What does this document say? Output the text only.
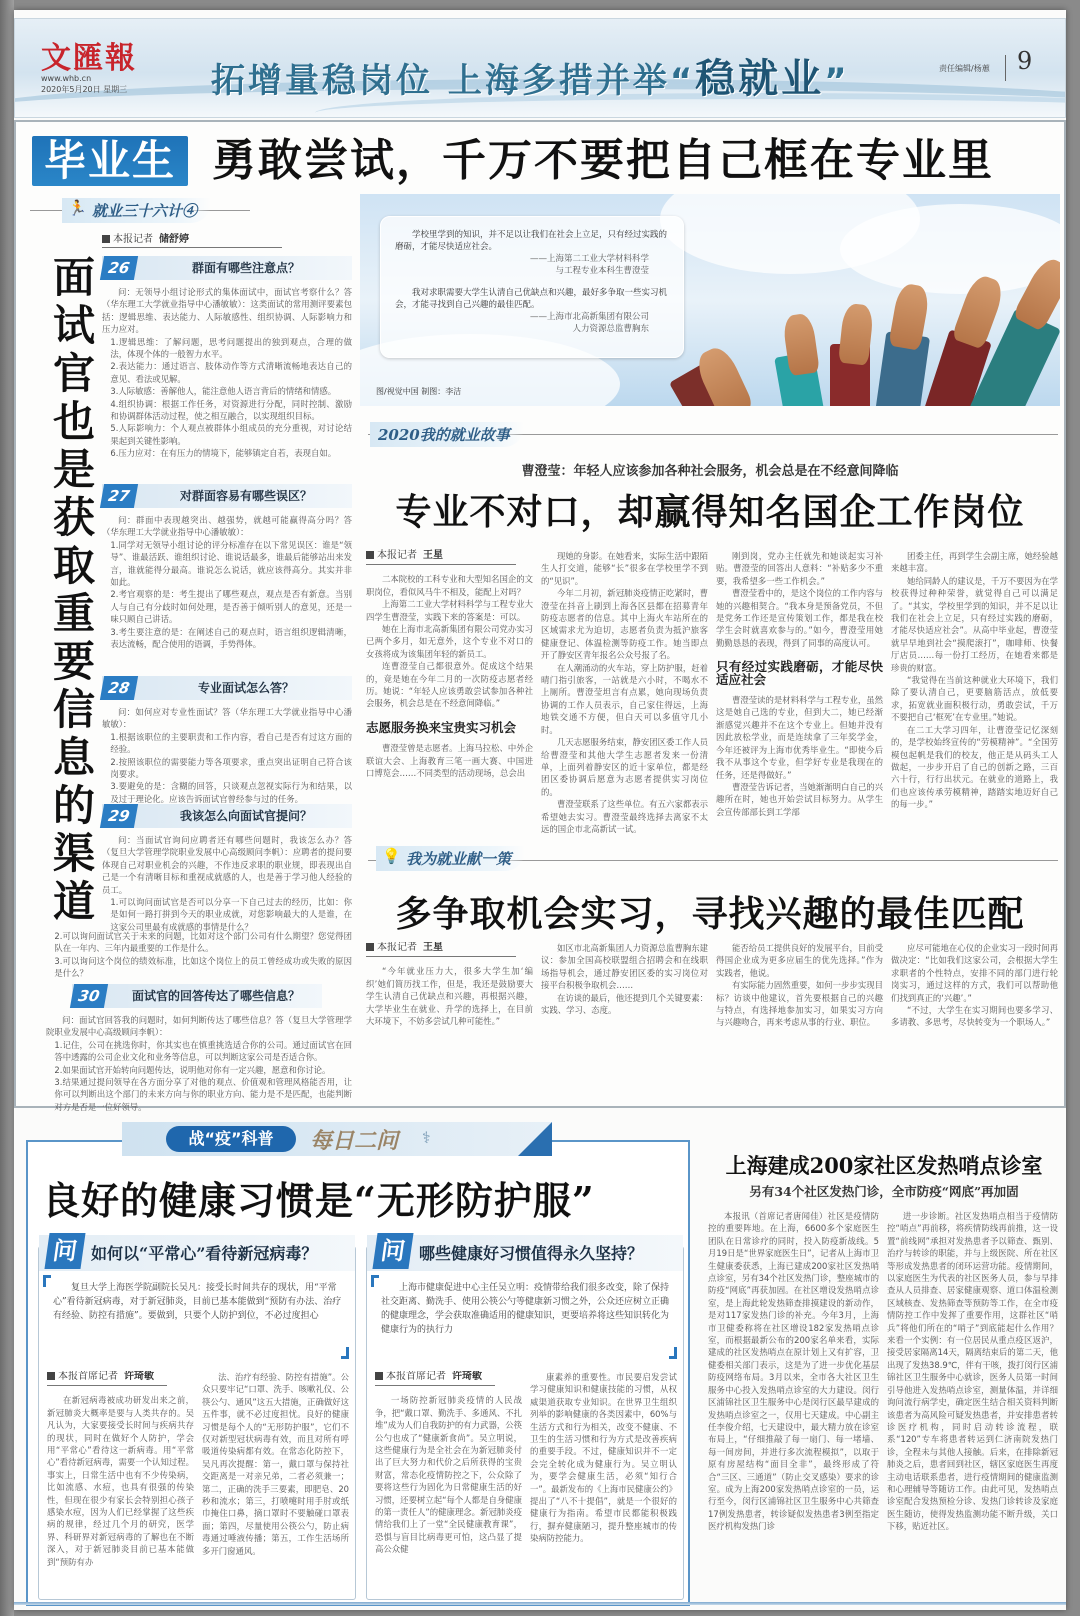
文匯報
www.whb.cn
2020年5月20日 星期三 拓增量稳岗位 上海多措并举“稳就业”	责任编辑/杨蕙 9
毕业生 勇敢尝试，千万不要把自己框在专业里
🏃 就业三十六计④
本报记者 储舒婷
面试官也是获取重要信息的渠道
26	群面有哪些注意点？

问：无领导小组讨论形式的集体面试中，面试官考察什么？答（华东理工大学就业指导中心潘敏敏）：这类面试的常用测评要素包括：逻辑思维、表达能力、人际敏感性、组织协调、人际影响力和压力应对。

1.逻辑思维：了解问题，思考问题提出的独到观点，合理的做法，体现个体的一般智力水平。

2.表达能力：通过语言、肢体动作等方式清晰流畅地表达自己的意见、看法或见解。

3.人际敏感：善解他人，能注意他人语言背后的情绪和情感。

4.组织协调：根据工作任务，对资源进行分配，同时控制、激励和协调群体活动过程，使之相互融合，以实现组织目标。

5.人际影响力：个人观点被群体小组成员的充分重视，对讨论结果起到关键性影响。

6.压力应对：在有压力的情境下，能够镇定自若，表现自如。

27	对群面容易有哪些误区？

问：群面中表现越突出、越强势，就越可能赢得高分吗？答（华东理工大学就业指导中心潘敏敏）：

1.同学对无领导小组讨论的评分标准存在以下常见误区：谁是“领导”、谁最活跃、谁组织讨论、谁说话最多，谁最后能够站出来发言，谁就能得分最高。谁说怎么说话，就应该得高分。其实并非如此。

2.考官观察的是：考生提出了哪些观点，观点是否有新意。当别人与自己有分歧时如何处理，是否善于倾听别人的意见，还是一味只顾自己讲话。

3.考生要注意的是：在阐述自己的观点时，语言组织逻辑清晰，表达流畅，配合使用的语调，手势得体。

28	专业面试怎么答？

问：如何应对专业性面试？答（华东理工大学就业指导中心潘敏敏）：

1.根据该职位的主要职责和工作内容，看自己是否有过这方面的经验。

2.按照该职位的需要能力等各项要求，重点突出证明自己符合该岗要求。

3.要避免的是：含糊的回答，只谈观点忽视实际行为和结果，以及过于理论化。应该告诉面试官曾经参与过的任务。

29	我该怎么向面试官提问？

问：当面试官询问应聘者还有哪些问题时，我该怎么办？答（复旦大学管理学院职业发展中心高级顾问李帆）：应聘者的提问要体现自己对职业机会的兴趣，不作违反求职的职业规，即表现出自己是一个有清晰目标和重视成就感的人，也是善于学习他人经验的员工。

1.可以询问面试官是否可以分享一下自己过去的经历，比如：你是如何一路打拼到今天的职业成就，对您影响最大的人是谁，在这家公司里最有成就感的事情是什么？

2.可以询问面试官关于未来的问题，比如对这个部门公司有什么期望？您觉得团队在一年内、三年内最重要的工作是什么。

3.可以询问这个岗位的绩效标准，比如这个岗位上的员工曾经成功或失败的原因是什么？

30	面试官的回答传达了哪些信息？

问：面试官回答我的问题时，如何判断传达了哪些信息？答（复旦大学管理学院职业发展中心高级顾问李帆）：

1.记住，公司在挑选你时，你其实也在慎重挑选适合你的公司。通过面试官在回答中透露的公司企业文化和业务等信息，可以判断这家公司是否适合你。

2.如果面试官开始转向问题传达，说明他对你有一定兴趣，愿意和你讨论。

3.结果通过提问领导在各方面分享了对他的观点、价值观和管理风格能否用，让你可以判断出这个部门的未来方向与你的职业方向、能力是不是匹配，也能判断对方是否是一位好领导。

学校里学到的知识，并不足以让我们在社会上立足，只有经过实践的磨砺，才能尽快适应社会。

——上海第二工业大学材料科学

与工程专业本科生曹澄莹

我对求职需要大学生认清自己优缺点和兴趣，最好多争取一些实习机会，才能寻找到自己兴趣的最佳匹配。

——上海市北高新集团有限公司

人力资源总监曹胸东

图/视觉中国 制图：李洁
2020我的就业故事
曹澄莹：年轻人应该参加各种社会服务，机会总是在不经意间降临
专业不对口，却赢得知名国企工作岗位
本报记者 王星

二本院校的工科专业和大型知名国企的文职岗位，看似风马牛不相及，能配上对吗？

上海第二工业大学材料科学与工程专业大四学生曹澄莹，实践下来的答案是：可以。

她在上海市北高新集团有限公司党办实习已两个多月，如无意外，这个专业不对口的女孩将成为该集团年轻的新员工。

连曹澄莹自己都很意外。促成这个结果的，竟是她在今年二月的一次防疫志愿者经历。她说：“年轻人应该勇敢尝试参加各种社会服务，机会总是在不经意间降临。”

志愿服务换来宝贵实习机会

曹澄莹曾是志愿者。上海马拉松、中外企联谊大会、上海教育三笔一画大赛、中国进口博览会……不同类型的活动现场，总会出

现她的身影。在她看来，实际生活中跟陌生人打交道，能够“长”很多在学校里学不到的“见识”。

今年二月初，新冠肺炎疫情正吃紧时，曹澄莹在抖音上刷到上海各区县都在招募青年防疫志愿者的信息。其中上海火车站所在的区域需求尤为迫切，志愿者负责为抵沪旅客健康登记、体温检测等防疫工作。她当即点开了静安区青年报名公众号报了名。

在人潮涌动的火车站，穿上防护服，赶着晴门指引旅客，一站就是六小时，不喝水不上厕所。曹澄莹坦言有点累，她向现场负责协调的工作人员表示，自己家住得远，上海地铁交通不方便，但白天可以多值守几小时。

几天志愿服务结束，静安团区委工作人员给曹澄莹和其他大学生志愿者发来一份清单，上面列着静安区的近十家单位，都是经团区委协调后愿意为志愿者提供实习岗位的。

曹澄莹联系了这些单位。有五六家都表示希望她去实习。曹澄莹最终选择去离家不太远的国企市北高新试一试。

刚到岗，党办主任就先和她谈起实习补贴。曹澄莹的回答出人意料：“补贴多少不重要，我希望多一些工作机会。”

曹澄莹看中的，是这个岗位的工作内容与她的兴趣相契合。“我本身是预备党员，不但是党务工作还是宣传策划工作，都是我在校学生会时就喜欢参与的。”如今，曹澄莹用她勤勤恳恳的表现，得到了同事的高度认可。

只有经过实践磨砺，才能尽快适应社会

曹澄莹读的是材料科学与工程专业，虽然这是她自己选的专业，但到大二，她已经渐渐感觉兴趣并不在这个专业上。但她并没有因此放松学业，而是连续拿了三年奖学金，今年还被评为上海市优秀毕业生。“即使今后我不从事这个专业，但学好专业是我现在的任务，还是得做好。”

曹澄莹告诉记者，当她渐渐明白自己的兴趣所在时，她也开始尝试目标努力。从学生会宣传部部长到工学部

团委主任，再到学生会副主席，她经验越来越丰富。

她给同龄人的建议是，千万不要因为在学校获得过种种荣誉，就觉得自己可以满足了。“其实，学校里学到的知识，并不足以让我们在社会上立足，只有经过实践的磨砺，才能尽快适应社会”。从高中毕业起，曹澄莹就早早地到社会“摸爬滚打”，咖啡师、快餐厅店员……每一份打工经历，在她看来都是珍贵的财富。

“我觉得在当前这种就业大环境下，我们除了要认清自己，更要脑筋活点，放低要求，拓宽就业面积极行动，勇敢尝试，千万不要把自己‘框死’在专业里。”她说。

在二工大学习四年，让曹澄莹记忆深刻的，是学校始终宣传的“劳模精神”。“全国劳模包起帆是我们的校友，他正是从码头工人做起，一步步开启了自己的创新之路，三百六十行，行行出状元。在就业的道路上，我们也应该传承劳模精神，踏踏实地迈好自己的每一步。”

💡 我为就业献一策
多争取机会实习，寻找兴趣的最佳匹配
本报记者 王星

“今年就业压力大，很多大学生加‘编织’她们简历找工作，但是，我还是鼓励要大学生认清自己优缺点和兴趣，再根据兴趣，大学毕业生在就业、升学的选择上，在目前大环境下，不妨多尝试几种可能性。”

如区市北高新集团人力资源总监曹胸东建议：参加全国高校联盟组合招聘会和在线职场指导机会，通过静安团区委的实习岗位对接平台积极争取机会……

在访谈的最后，他还提到几个关键要素：实践、学习、态度。

能否给员工提供良好的发展平台，目前受得国企业成为更多应届生的优先选择。”作为实践者，他说。

有实际能力固然重要，如何一步步实现目标？访谈中他建议，首先要根据自己的兴趣与特点，有选择地参加实习，如果实习方向与兴趣吻合，再来考虑从事的行业、职位。

应尽可能地在心仪的企业实习一段时间再做决定：“比如我们这家公司，会根据大学生求职者的个性特点，安排不同的部门进行轮岗实习，通过这样的方式，我们可以帮助他们找到真正的‘兴趣’。”

“不过，大学生在实习期间也要多学习、多请教、多思考，尽快转变为一个职场人。”

战“疫”科普	每日二问 ⚕
良好的健康习惯是“无形防护服”
问 如何以“平常心”看待新冠病毒？
复旦大学上海医学院副院长吴凡：接受长时间共存的现状，用“平常心”看待新冠病毒，对于新冠肺炎，目前已基本能做到“预防有办法、治疗有经验、防控有措施”。要做到，只要个人防护到位，不必过度担心
本报首席记者 许琦敏

在新冠病毒被成功研发出来之前，新冠肺炎大概率是要与人类共存的。吴凡认为，大家要接受长时间与疾病共存的现状，同时在做好个人防护，学会用“平常心”看待这一新病毒。用“平常心”看待新冠病毒，需要一个认知过程。事实上，日常生活中也有不少传染病，比如流感、水痘，也具有很强的传染性，但现在很少有家长会特别担心孩子感染水痘，因为人们已经掌握了这些疾病的规律，经过几个月的研究，医学界、科研界对新冠病毒的了解也在不断深入，对于新冠肺炎目前已基本能做到“预防有办

法、治疗有经验、防控有措施”。公众只要牢记“口罩、洗手、咳嗽礼仪、公筷公勺、通风”这五大措施，正确做好这五件事，就不必过度担忧。良好的健康习惯是每个人的“无形防护服”，它们不仅对新型冠状病毒有效，而且对所有呼吸道传染病都有效。在常态化防控下，吴凡再次提醒：第一，戴口罩与保持社交距离是一对亲兄弟，二者必须兼一；第二，正确的洗手三要素，即肥皂、20秒和流水；第三，打喷嚏时用手肘或纸巾掩住口鼻，摘口罩时不要触碰口罩表面；第四，尽量使用公筷公勺，防止病毒通过唾液传播；第五，工作生活场所多开门窗通风。

问 哪些健康好习惯值得永久坚持？
上海市健康促进中心主任吴立明：疫情带给我们很多改变，除了保持社交距离、勤洗手、使用公筷公勺等健康新习惯之外，公众还应树立正确的健康理念，学会获取准确适用的健康知识，更要培养将这些知识转化为健康行为的执行力
本报首席记者 许琦敏

一场防控新冠肺炎疫情的人民战争，把“戴口罩、勤洗手、多通风、不扎堆”成为人们自我防护的有力武器，公筷公勺也成了“健康新食尚”。吴立明说，这些健康行为是全社会在为新冠肺炎付出了巨大努力和代价之后所获得的宝贵财富，常态化疫情防控之下，公众除了要将这些行为固化为日常健康生活的好习惯，还要树立起“每个人都是自身健康的第一责任人”的健康理念。新冠肺炎疫情给我们上了一堂“全民健康教育课”，恐惧与盲目比病毒更可怕，这凸显了提高公众健

康素养的重要性。市民要启发尝试学习健康知识和健康技能的习惯，从权威渠道获取专业知识。在世界卫生组织列举的影响健康的各类因素中，60%与生活方式和行为相关，改变不健康、不卫生的生活习惯和行为方式是改善疾病的重要手段。不过，健康知识并不一定会完全转化成为健康行为。吴立明认为，要学会健康生活，必须“知行合一”。最新发布的《上海市民健康公约》提出了“八不十提倡”，就是一个很好的健康行为指南。希望市民都能积极践行，摒弃健康陋习，提升整座城市的传染病防控能力。

上海建成200家社区发热哨点诊室
另有34个社区发热门诊，全市防疫“网底”再加固

本报讯（首席记者唐闻佳）社区是疫情防控的重要阵地。在上海，6600多个家庭医生团队在日常诊疗的同时，投入防疫新战线。5月19日是“世界家庭医生日”，记者从上海市卫生健康委获悉，上海已建成200家社区发热哨点诊室，另有34个社区发热门诊，整座城市的防疫“网底”再获加固。在社区增设发热哨点诊室，是上海此轮发热筛查排摸建设的新动作，是对117家发热门诊的补充。今年3月，上海市卫健委称将在社区增设182家发热哨点诊室，而根据最新公布的200家名单来看，实际建成的社区发热哨点在原计划上又有扩容，卫健委相关部门表示，这是为了进一步优化基层防疫网络布局。3月以来，全市各大社区卫生服务中心投入发热哨点诊室的大力建设。闵行区浦锦社区卫生服务中心是闵行区最早建成的发热哨点诊室之一，仅用七天建成。中心副主任李俊介绍，七天建设中，最大精力放在诊室布局上，“仔细推敲了每一扇门、每一堵墙、每一间房间，并进行多次流程模拟”，以取于原有房屋结构“面目全非”，最终形成了符合“三区、三通道”（防止交叉感染）要求的诊室。成为上海200家发热哨点诊室的一员，运行至今，闵行区浦锦社区卫生服务中心共筛查17例发热患者，转诊疑似发热患者3例至指定医疗机构发热门诊

进一步诊断。社区发热哨点相当于疫情防控“哨点”再前移，将疾情防线再前推，这一设置“前线网”承担对发热患者予以筛查、甄别、治疗与转诊的职能，并与上级医院、所在社区等形成发热患者的闭环运营功能。疫情期间，以家庭医生为代表的社区医务人员，参与早排查从人员排查、居家健康观察、道口体温检测区域核查、发热筛查等预防等工作，在全市疫情防控工作中发挥了重要作用，这群社区“哨兵”将他们所在的“哨子”到底能起什么作用？来看一个实例：有一位居民从重点疫区返沪，接受居家隔离14天，隔离结束后的第二天，他出现了发热38.9℃，伴有干咳，拨打闵行区浦锦社区卫生服务中心就诊，医务人员第一时间引导他进入发热哨点诊室，测量体温，并详细询问流行病学史，确定医生结合相关资料判断该患者为高风险可疑发热患者，并安排患者转诊医疗机构，同时启动转诊流程，联系“120”专车将患者转运到仁济南院发热门诊，全程未与其他人接触。后来，在排除新冠肺炎之后，患者回到社区，辖区家庭医生再度主动电话联系患者，进行疫情期间的健康监测和心理辅导等随访工作。由此可见，发热哨点诊室配合发热预检分诊、发热门诊转诊及家庭医生随访，使得发热监测功能不断升级，关口下移，贴近社区。
